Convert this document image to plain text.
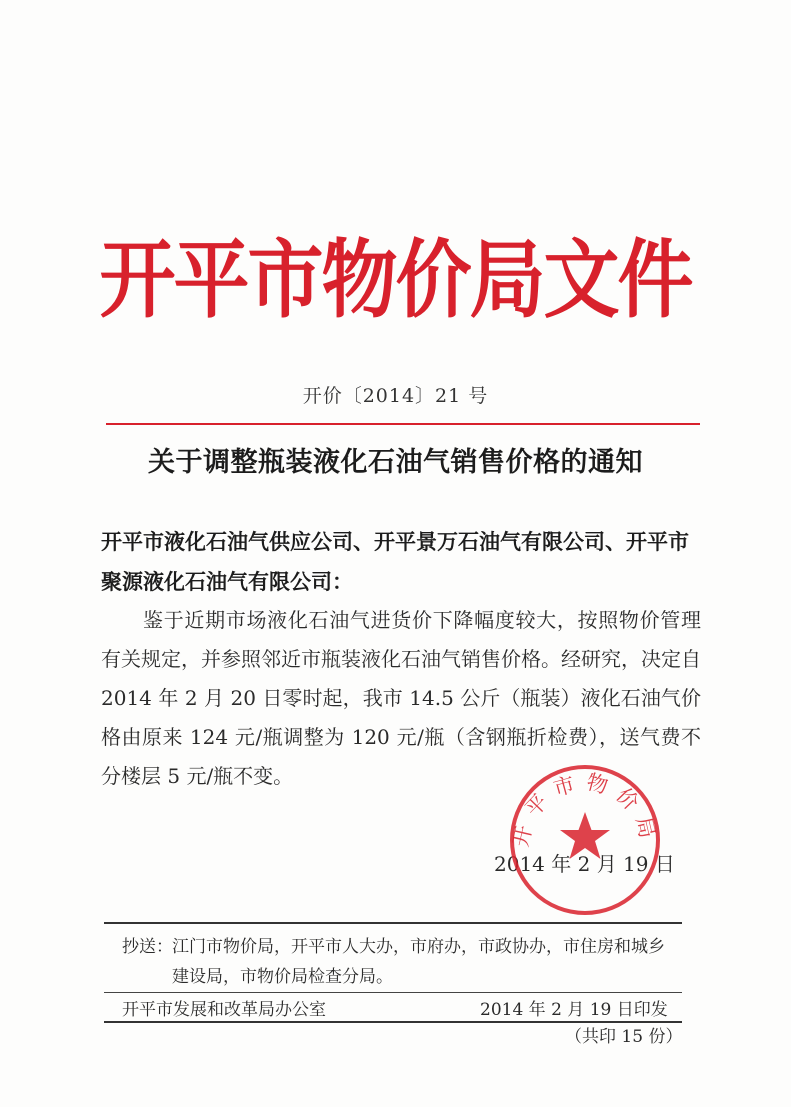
开平市物价局文件
开价〔2014〕21 号
关于调整瓶装液化石油气销售价格的通知
开平市液化石油气供应公司、开平景万石油气有限公司、开平市聚源液化石油气有限公司：
鉴于近期市场液化石油气进货价下降幅度较大，按照物价管理有关规定，并参照邻近市瓶装液化石油气销售价格。经研究，决定自 2014 年 2 月 20 日零时起，我市 14.5 公斤（瓶装）液化石油气价格由原来 124 元/瓶调整为 120 元/瓶（含钢瓶折检费），送气费不分楼层 5 元/瓶不变。
2014 年 2 月 19 日
开平市物价局
抄送： 江门市物价局，开平市人大办，市府办，市政协办，市住房和城乡建设局，市物价局检查分局。
开平市发展和改革局办公室	2014 年 2 月 19 日印发
（共印 15 份）
